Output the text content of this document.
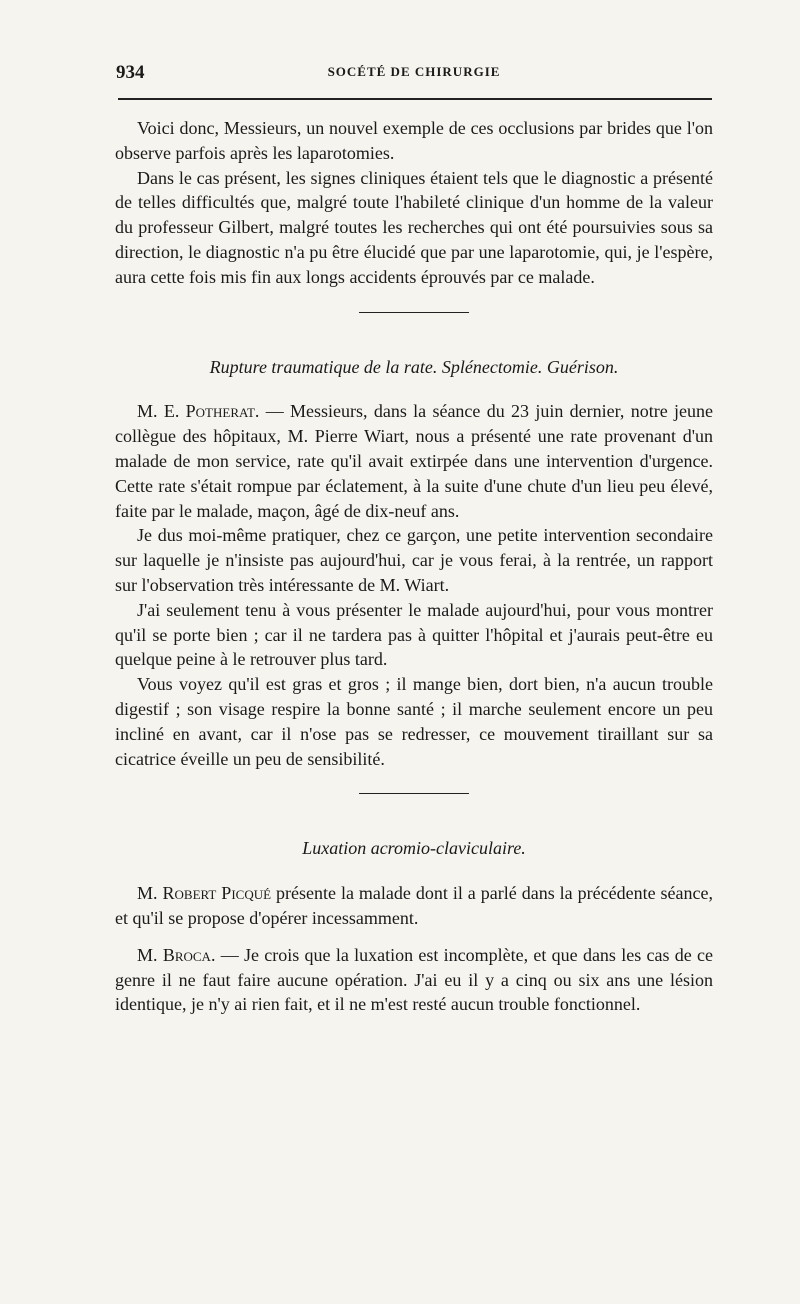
934	SOCÉTÉ DE CHIRURGIE

Voici donc, Messieurs, un nouvel exemple de ces occlusions par brides que l'on observe parfois après les laparotomies.

Dans le cas présent, les signes cliniques étaient tels que le diagnostic a présenté de telles difficultés que, malgré toute l'habileté clinique d'un homme de la valeur du professeur Gilbert, malgré toutes les recherches qui ont été poursuivies sous sa direction, le diagnostic n'a pu être élucidé que par une laparotomie, qui, je l'espère, aura cette fois mis fin aux longs accidents éprouvés par ce malade.

Rupture traumatique de la rate. Splénectomie. Guérison.

M. E. Potherat. — Messieurs, dans la séance du 23 juin dernier, notre jeune collègue des hôpitaux, M. Pierre Wiart, nous a présenté une rate provenant d'un malade de mon service, rate qu'il avait extirpée dans une intervention d'urgence. Cette rate s'était rompue par éclatement, à la suite d'une chute d'un lieu peu élevé, faite par le malade, maçon, âgé de dix-neuf ans.

Je dus moi-même pratiquer, chez ce garçon, une petite intervention secondaire sur laquelle je n'insiste pas aujourd'hui, car je vous ferai, à la rentrée, un rapport sur l'observation très intéressante de M. Wiart.

J'ai seulement tenu à vous présenter le malade aujourd'hui, pour vous montrer qu'il se porte bien ; car il ne tardera pas à quitter l'hôpital et j'aurais peut-être eu quelque peine à le retrouver plus tard.

Vous voyez qu'il est gras et gros ; il mange bien, dort bien, n'a aucun trouble digestif ; son visage respire la bonne santé ; il marche seulement encore un peu incliné en avant, car il n'ose pas se redresser, ce mouvement tiraillant sur sa cicatrice éveille un peu de sensibilité.

Luxation acromio-claviculaire.

M. Robert Picqué présente la malade dont il a parlé dans la précédente séance, et qu'il se propose d'opérer incessamment.

M. Broca. — Je crois que la luxation est incomplète, et que dans les cas de ce genre il ne faut faire aucune opération. J'ai eu il y a cinq ou six ans une lésion identique, je n'y ai rien fait, et il ne m'est resté aucun trouble fonctionnel.
